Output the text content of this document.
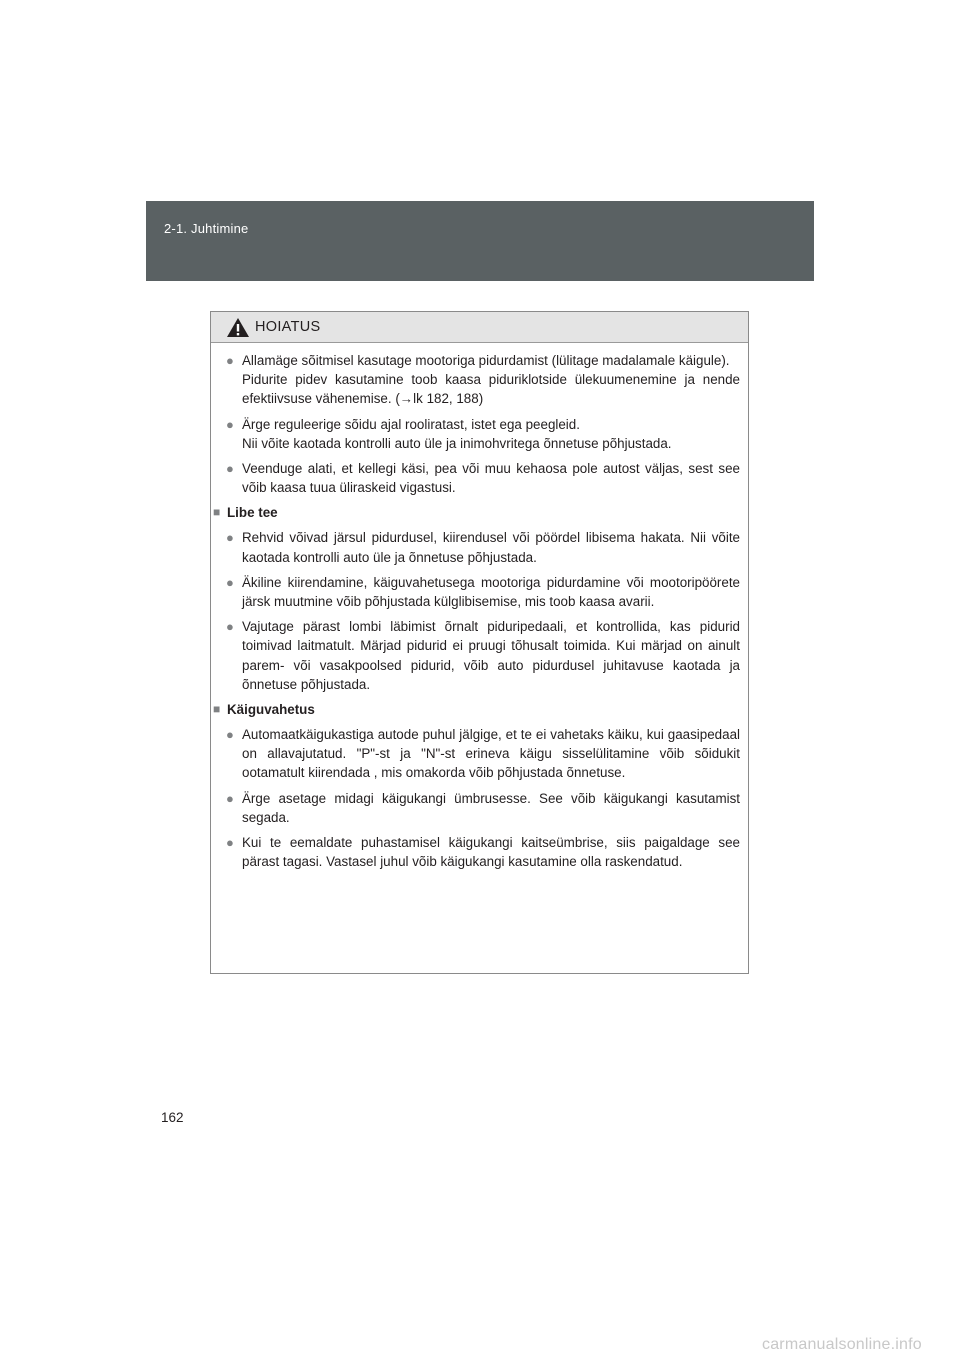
2-1. Juhtimine
HOIATUS
● Allamäge sõitmisel kasutage mootoriga pidurdamist (lülitage madalamale käigule).

Pidurite pidev kasutamine toob kaasa piduriklotside ülekuumenemine ja nende efektiivsuse vähenemise. (→lk 182, 188)

● Ärge reguleerige sõidu ajal rooliratast, istet ega peegleid.

Nii võite kaotada kontrolli auto üle ja inimohvritega õnnetuse põhjustada.

● Veenduge alati, et kellegi käsi, pea või muu kehaosa pole autost väljas, sest see võib kaasa tuua üliraskeid vigastusi.

■ Libe tee
● Rehvid võivad järsul pidurdusel, kiirendusel või pöördel libisema hakata. Nii võite kaotada kontrolli auto üle ja õnnetuse põhjustada.

● Äkiline kiirendamine, käiguvahetusega mootoriga pidurdamine või mootoripöörete järsk muutmine võib põhjustada külglibisemise, mis toob kaasa avarii.

● Vajutage pärast lombi läbimist õrnalt piduripedaali, et kontrollida, kas pidurid toimivad laitmatult. Märjad pidurid ei pruugi tõhusalt toimida. Kui märjad on ainult parem- või vasakpoolsed pidurid, võib auto pidurdusel juhitavuse kaotada ja õnnetuse põhjustada.

■ Käiguvahetus
● Automaatkäigukastiga autode puhul jälgige, et te ei vahetaks käiku, kui gaasipedaal on allavajutatud. "P"-st ja "N"-st erineva käigu sisselülitamine võib sõidukit ootamatult kiirendada , mis omakorda võib põhjustada õnnetuse.

● Ärge asetage midagi käigukangi ümbrusesse. See võib käigukangi kasutamist segada.

● Kui te eemaldate puhastamisel käigukangi kaitseümbrise, siis paigaldage see pärast tagasi. Vastasel juhul võib käigukangi kasutamine olla raskendatud.

162
carmanualsonline.info
